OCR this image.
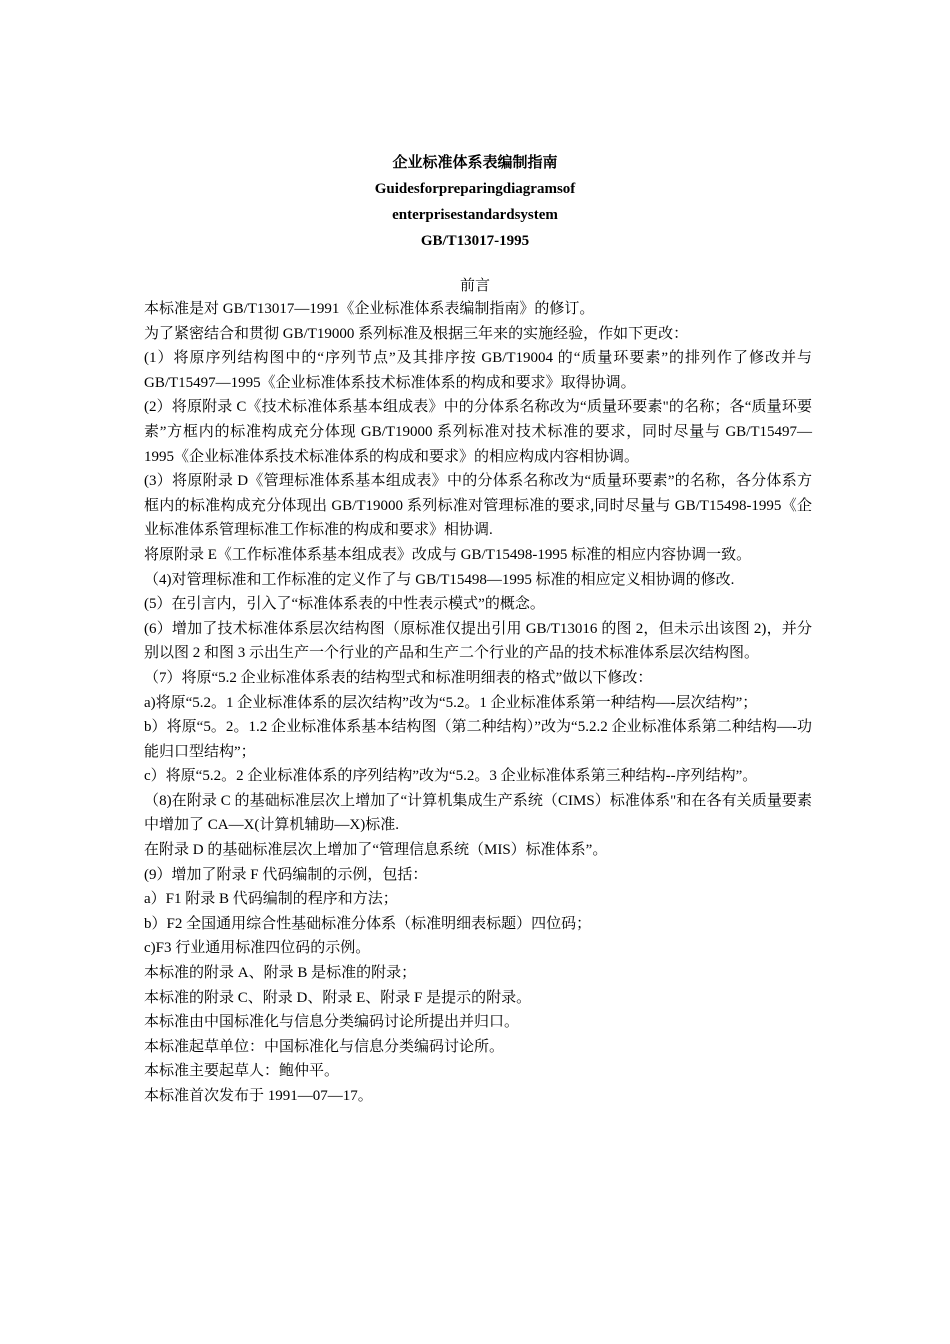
企业标准体系表编制指南
Guidesforpreparingdiagramsof
enterprisestandardsystem
GB/T13017-1995
前言

本标准是对 GB/T13017—1991《企业标准体系表编制指南》的修订。

为了紧密结合和贯彻 GB/T19000 系列标准及根据三年来的实施经验，作如下更改：

(1）将原序列结构图中的“序列节点”及其排序按 GB/T19004 的“质量环要素”的排列作了修改并与 GB/T15497—1995《企业标准体系技术标准体系的构成和要求》取得协调。

(2）将原附录 C《技术标准体系基本组成表》中的分体系名称改为“质量环要素"的名称；各“质量环要素”方框内的标准构成充分体现 GB/T19000 系列标准对技术标准的要求，同时尽量与 GB/T15497—1995《企业标准体系技术标准体系的构成和要求》的相应构成内容相协调。

(3）将原附录 D《管理标准体系基本组成表》中的分体系名称改为“质量环要素”的名称，各分体系方框内的标准构成充分体现出 GB/T19000 系列标准对管理标准的要求,同时尽量与 GB/T15498-1995《企业标准体系管理标准工作标准的构成和要求》相协调.

将原附录 E《工作标准体系基本组成表》改成与 GB/T15498-1995 标准的相应内容协调一致。

（4)对管理标准和工作标准的定义作了与 GB/T15498—1995 标准的相应定义相协调的修改.

(5）在引言内，引入了“标准体系表的中性表示模式”的概念。

(6）增加了技术标准体系层次结构图（原标准仅提出引用 GB/T13016 的图 2，但未示出该图 2)，并分别以图 2 和图 3 示出生产一个行业的产品和生产二个行业的产品的技术标准体系层次结构图。

（7）将原“5.2 企业标准体系表的结构型式和标准明细表的格式”做以下修改：

a)将原“5.2。1 企业标准体系的层次结构”改为“5.2。1 企业标准体系第一种结构—-层次结构”；

b）将原“5。2。1.2 企业标准体系基本结构图（第二种结构）”改为“5.2.2 企业标准体系第二种结构—-功能归口型结构”；

c）将原“5.2。2 企业标准体系的序列结构”改为“5.2。3 企业标准体系第三种结构--序列结构”。

（8)在附录 C 的基础标准层次上增加了“计算机集成生产系统（CIMS）标准体系"和在各有关质量要素中增加了 CA—X(计算机辅助—X)标准.

在附录 D 的基础标准层次上增加了“管理信息系统（MIS）标准体系”。

(9）增加了附录 F 代码编制的示例，包括：

a）F1 附录 B 代码编制的程序和方法；

b）F2 全国通用综合性基础标准分体系（标准明细表标题）四位码；

c)F3 行业通用标准四位码的示例。

本标准的附录 A、附录 B 是标准的附录；

本标准的附录 C、附录 D、附录 E、附录 F 是提示的附录。

本标准由中国标准化与信息分类编码讨论所提出并归口。

本标准起草单位：中国标准化与信息分类编码讨论所。

本标准主要起草人：鲍仲平。

本标准首次发布于 1991—07—17。
